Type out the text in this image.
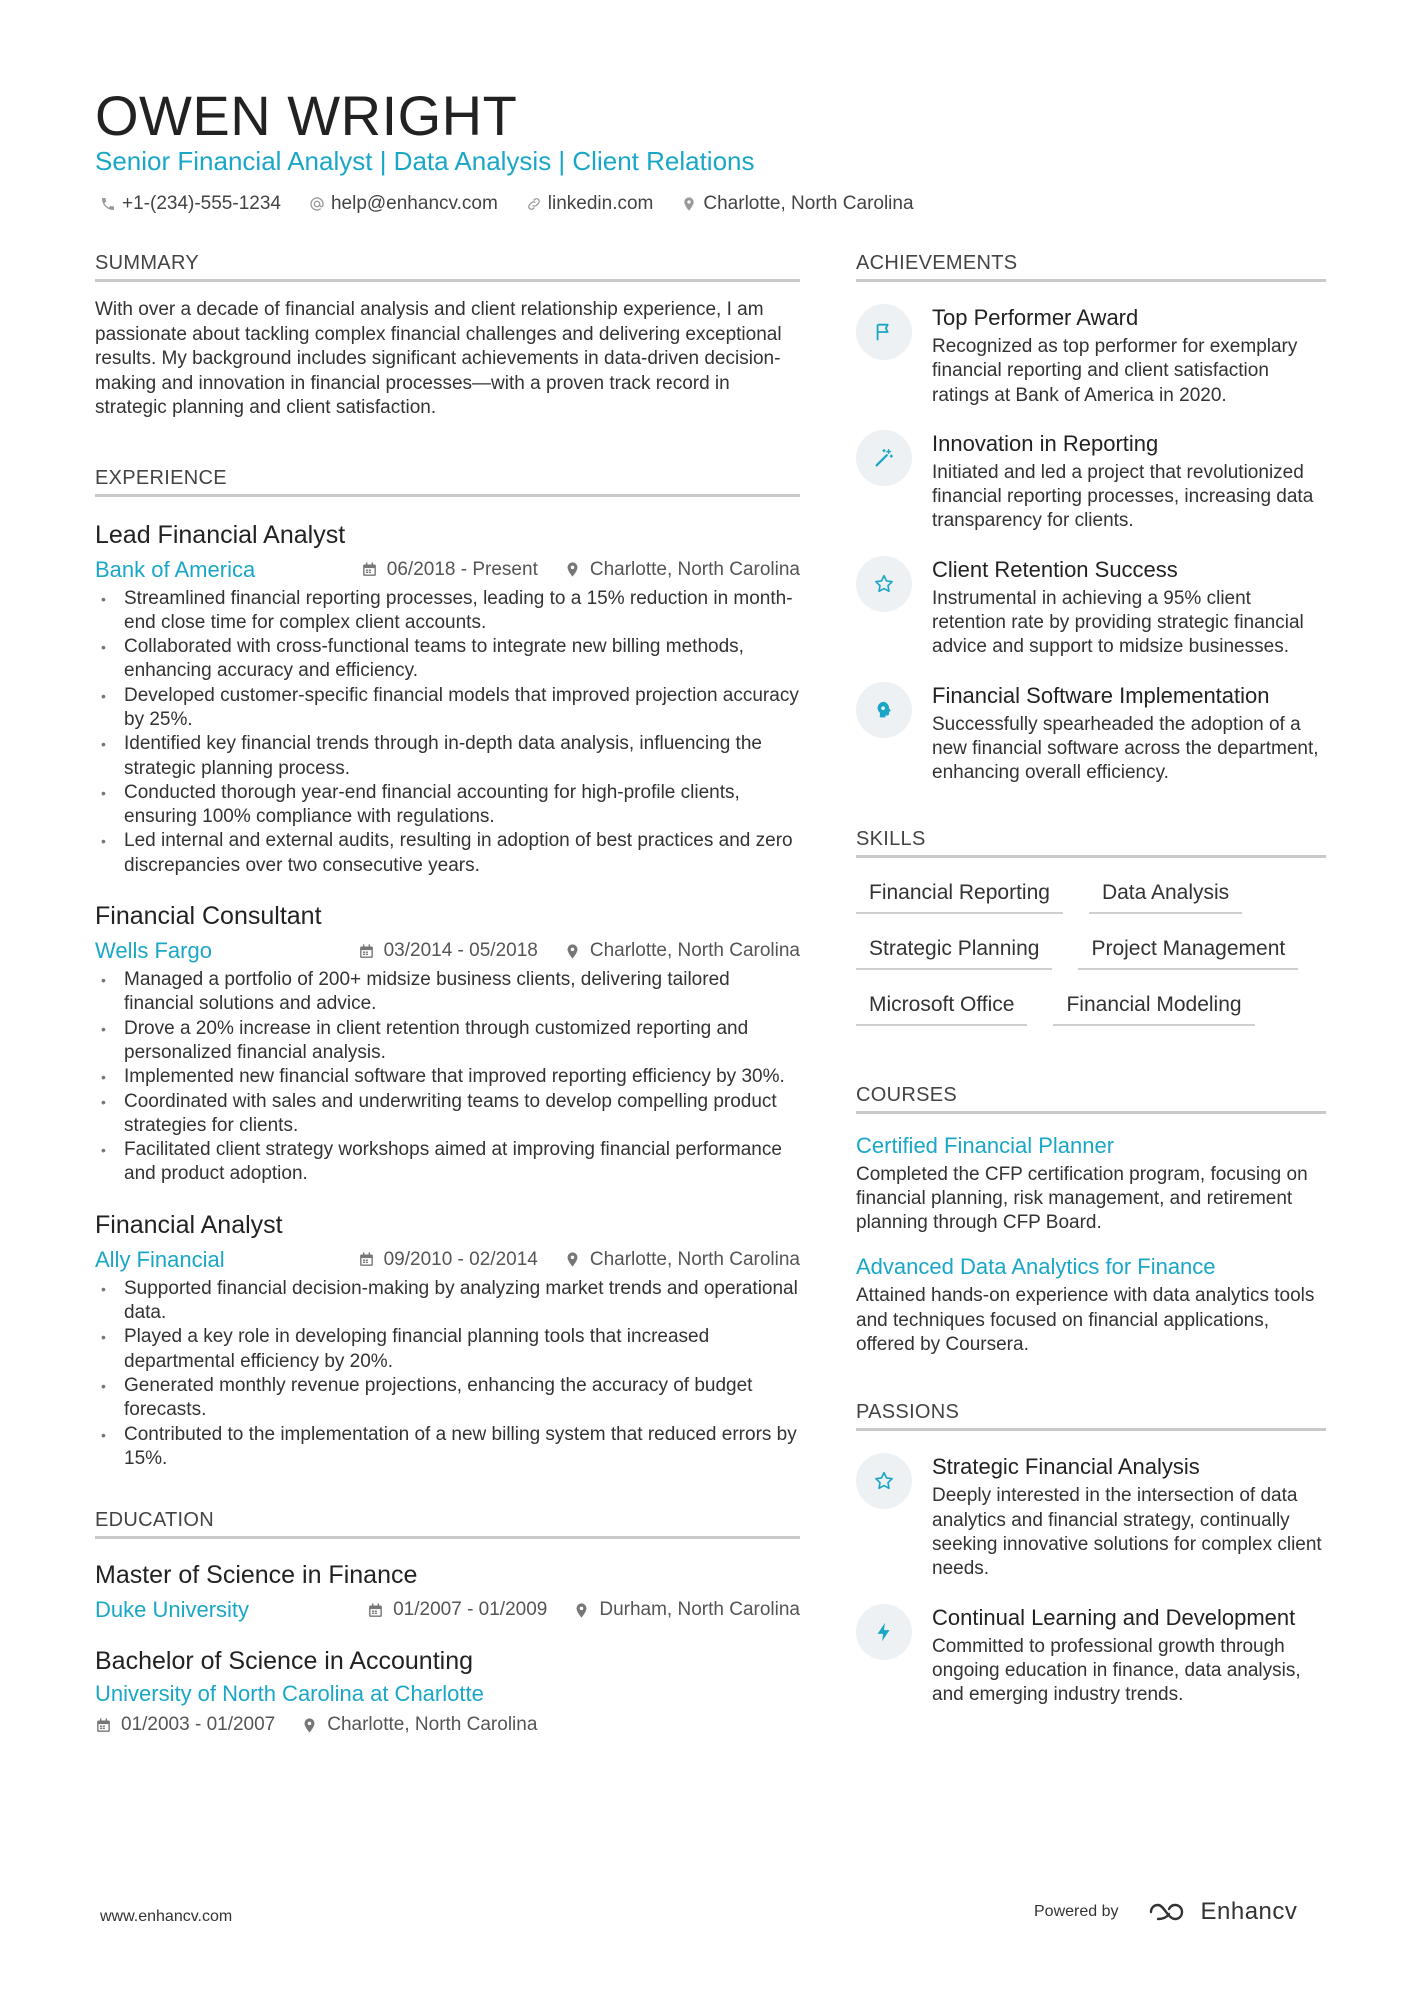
OWEN WRIGHT
Senior Financial Analyst | Data Analysis | Client Relations
+1-(234)-555-1234	help@enhancv.com	linkedin.com	Charlotte, North Carolina
SUMMARY
With over a decade of financial analysis and client relationship experience, I am passionate about tackling complex financial challenges and delivering exceptional results. My background includes significant achievements in data-driven decision-making and innovation in financial processes—with a proven track record in strategic planning and client satisfaction.
EXPERIENCE
Lead Financial Analyst
Bank of America	06/2018 - Present	Charlotte, North Carolina
• Streamlined financial reporting processes, leading to a 15% reduction in month-end close time for complex client accounts.
• Collaborated with cross-functional teams to integrate new billing methods, enhancing accuracy and efficiency.
• Developed customer-specific financial models that improved projection accuracy by 25%.
• Identified key financial trends through in-depth data analysis, influencing the strategic planning process.
• Conducted thorough year-end financial accounting for high-profile clients, ensuring 100% compliance with regulations.
• Led internal and external audits, resulting in adoption of best practices and zero discrepancies over two consecutive years.
Financial Consultant
Wells Fargo	03/2014 - 05/2018	Charlotte, North Carolina
• Managed a portfolio of 200+ midsize business clients, delivering tailored financial solutions and advice.
• Drove a 20% increase in client retention through customized reporting and personalized financial analysis.
• Implemented new financial software that improved reporting efficiency by 30%.
• Coordinated with sales and underwriting teams to develop compelling product strategies for clients.
• Facilitated client strategy workshops aimed at improving financial performance and product adoption.
Financial Analyst
Ally Financial	09/2010 - 02/2014	Charlotte, North Carolina
• Supported financial decision-making by analyzing market trends and operational data.
• Played a key role in developing financial planning tools that increased departmental efficiency by 20%.
• Generated monthly revenue projections, enhancing the accuracy of budget forecasts.
• Contributed to the implementation of a new billing system that reduced errors by 15%.
EDUCATION
Master of Science in Finance
Duke University	01/2007 - 01/2009	Durham, North Carolina
Bachelor of Science in Accounting
University of North Carolina at Charlotte
01/2003 - 01/2007	Charlotte, North Carolina
ACHIEVEMENTS
Top Performer Award
Recognized as top performer for exemplary financial reporting and client satisfaction ratings at Bank of America in 2020.
Innovation in Reporting
Initiated and led a project that revolutionized financial reporting processes, increasing data transparency for clients.
Client Retention Success
Instrumental in achieving a 95% client retention rate by providing strategic financial advice and support to midsize businesses.
Financial Software Implementation
Successfully spearheaded the adoption of a new financial software across the department, enhancing overall efficiency.
SKILLS
Financial Reporting	Data Analysis
Strategic Planning	Project Management
Microsoft Office	Financial Modeling
COURSES
Certified Financial Planner
Completed the CFP certification program, focusing on financial planning, risk management, and retirement planning through CFP Board.
Advanced Data Analytics for Finance
Attained hands-on experience with data analytics tools and techniques focused on financial applications, offered by Coursera.
PASSIONS
Strategic Financial Analysis
Deeply interested in the intersection of data analytics and financial strategy, continually seeking innovative solutions for complex client needs.
Continual Learning and Development
Committed to professional growth through ongoing education in finance, data analysis, and emerging industry trends.
www.enhancv.com	Powered by	Enhancv
